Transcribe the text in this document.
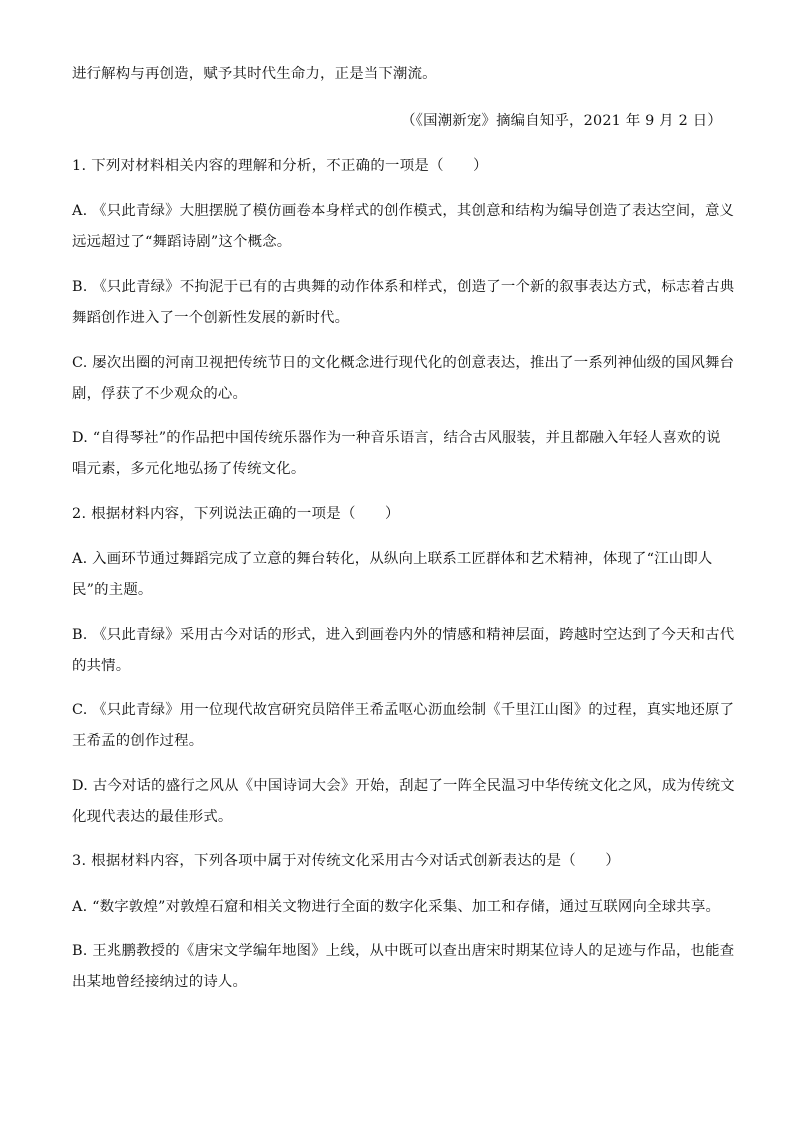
进行解构与再创造，赋予其时代生命力，正是当下潮流。
（《国潮新宠》摘编自知乎，2021 年 9 月 2 日）
1. 下列对材料相关内容的理解和分析，不正确的一项是（　　）
A. 《只此青绿》大胆摆脱了模仿画卷本身样式的创作模式，其创意和结构为编导创造了表达空间，意义
远远超过了“舞蹈诗剧”这个概念。
B. 《只此青绿》不拘泥于已有的古典舞的动作体系和样式，创造了一个新的叙事表达方式，标志着古典
舞蹈创作进入了一个创新性发展的新时代。
C. 屡次出圈的河南卫视把传统节日的文化概念进行现代化的创意表达，推出了一系列神仙级的国风舞台
剧，俘获了不少观众的心。
D. “自得琴社”的作品把中国传统乐器作为一种音乐语言，结合古风服装，并且都融入年轻人喜欢的说
唱元素，多元化地弘扬了传统文化。
2. 根据材料内容，下列说法正确的一项是（　　）
A. 入画环节通过舞蹈完成了立意的舞台转化，从纵向上联系工匠群体和艺术精神，体现了“江山即人
民”的主题。
B. 《只此青绿》采用古今对话的形式，进入到画卷内外的情感和精神层面，跨越时空达到了今天和古代
的共情。
C. 《只此青绿》用一位现代故宫研究员陪伴王希孟呕心沥血绘制《千里江山图》的过程，真实地还原了
王希孟的创作过程。
D. 古今对话的盛行之风从《中国诗词大会》开始，刮起了一阵全民温习中华传统文化之风，成为传统文
化现代表达的最佳形式。
3. 根据材料内容，下列各项中属于对传统文化采用古今对话式创新表达的是（　　）
A. “数字敦煌”对敦煌石窟和相关文物进行全面的数字化采集、加工和存储，通过互联网向全球共享。
B. 王兆鹏教授的《唐宋文学编年地图》上线，从中既可以查出唐宋时期某位诗人的足迹与作品，也能查
出某地曾经接纳过的诗人。
